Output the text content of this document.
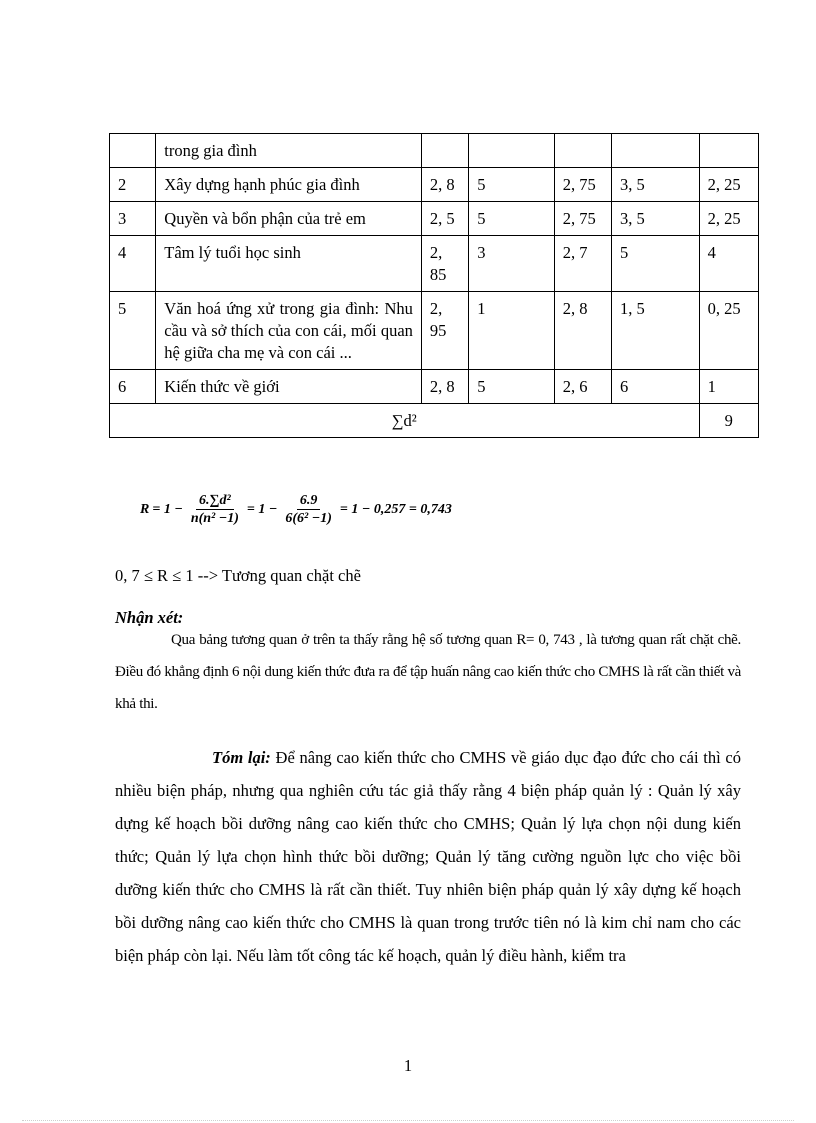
	trong gia đình					
2	Xây dựng hạnh phúc gia đình	2, 8	5	2, 75	3, 5	2, 25
3	Quyền và bổn phận của trẻ em	2, 5	5	2, 75	3, 5	2, 25
4	Tâm lý tuổi học sinh	2, 85	3	2, 7	5	4
5	Văn hoá ứng xử trong gia đình: Nhu cầu và sở thích của con cái, mối quan hệ giữa cha mẹ và con cái ...	2, 95	1	2, 8	1, 5	0, 25
6	Kiến thức về giới	2, 8	5	2, 6	6	1
∑d²						9
$R = 1 - \frac{\text{6.∑d²}}{\text{n(n² −1)}} = 1 - \frac{6.9}{\text{6(6² −1)}} = 1 - 0,257 = 0,743$
0, 7 ≤ R ≤ 1 --> Tương quan chặt chẽ
Nhận xét:
Qua bảng tương quan ở trên ta thấy rằng hệ số tương quan R= 0, 743 , là tương quan rất chặt chẽ. Điều đó khẳng định 6 nội dung kiến thức đưa ra để tập huấn nâng cao kiến thức cho CMHS là rất cần thiết và khả thi.
Tóm lại: Để nâng cao kiến thức cho CMHS về giáo dục đạo đức cho cái thì có nhiều biện pháp, nhưng qua nghiên cứu tác giả thấy rằng 4 biện pháp quản lý : Quản lý xây dựng kế hoạch bồi dưỡng nâng cao kiến thức cho CMHS; Quản lý lựa chọn nội dung kiến thức; Quản lý lựa chọn hình thức bồi dưỡng; Quản lý tăng cường nguồn lực cho việc bồi dưỡng kiến thức cho CMHS là rất cần thiết. Tuy nhiên biện pháp quản lý xây dựng kế hoạch bồi dưỡng nâng cao kiến thức cho CMHS là quan trong trước tiên nó là kim chỉ nam cho các biện pháp còn lại. Nếu làm tốt công tác kế hoạch, quản lý điều hành, kiểm tra
1
